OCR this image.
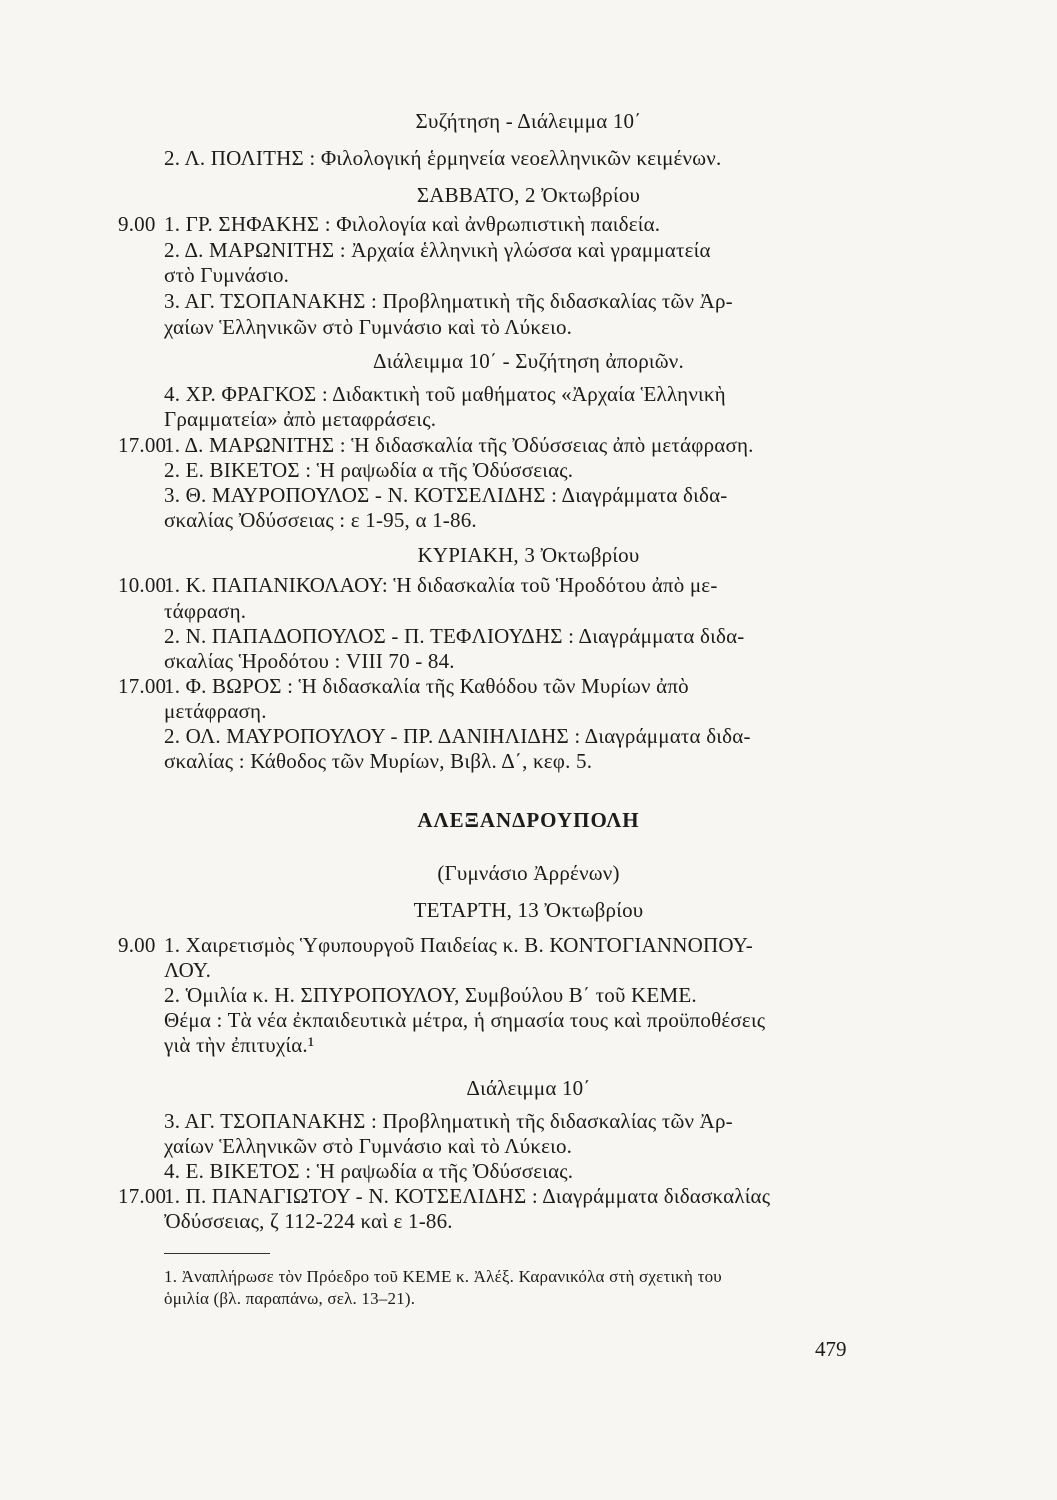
Συζήτηση - Διάλειμμα 10΄
2. Λ. ΠΟΛΙΤΗΣ : Φιλολογική ἑρμηνεία νεοελληνικῶν κειμένων.
ΣΑΒΒΑΤΟ, 2 Ὀκτωβρίου
9.00 1. ΓΡ. ΣΗΦΑΚΗΣ : Φιλολογία καὶ ἀνθρωπιστικὴ παιδεία.
2. Δ. ΜΑΡΩΝΙΤΗΣ : Ἀρχαία ἑλληνικὴ γλώσσα καὶ γραμματεία
στὸ Γυμνάσιο.
3. ΑΓ. ΤΣΟΠΑΝΑΚΗΣ : Προβληματικὴ τῆς διδασκαλίας τῶν Ἀρ-
χαίων Ἑλληνικῶν στὸ Γυμνάσιο καὶ τὸ Λύκειο.
Διάλειμμα 10΄ - Συζήτηση ἀποριῶν.
4. ΧΡ. ΦΡΑΓΚΟΣ : Διδακτικὴ τοῦ μαθήματος «Ἀρχαία Ἑλληνικὴ
Γραμματεία» ἀπὸ μεταφράσεις.
17.00
1. Δ. ΜΑΡΩΝΙΤΗΣ : Ἡ διδασκαλία τῆς Ὀδύσσειας ἀπὸ μετάφραση.
2. Ε. ΒΙΚΕΤΟΣ : Ἡ ραψωδία α τῆς Ὀδύσσειας.
3. Θ. ΜΑΥΡΟΠΟΥΛΟΣ - Ν. ΚΟΤΣΕΛΙΔΗΣ : Διαγράμματα διδα-
σκαλίας Ὀδύσσειας : ε 1-95, α 1-86.
ΚΥΡΙΑΚΗ, 3 Ὀκτωβρίου
10.00
1. Κ. ΠΑΠΑΝΙΚΟΛΑΟΥ: Ἡ διδασκαλία τοῦ Ἡροδότου ἀπὸ με-
τάφραση.
2. Ν. ΠΑΠΑΔΟΠΟΥΛΟΣ - Π. ΤΕΦΛΙΟΥΔΗΣ : Διαγράμματα διδα-
σκαλίας Ἡροδότου : VIII 70 - 84.
17.00
1. Φ. ΒΩΡΟΣ : Ἡ διδασκαλία τῆς Καθόδου τῶν Μυρίων ἀπὸ
μετάφραση.
2. ΟΛ. ΜΑΥΡΟΠΟΥΛΟΥ - ΠΡ. ΔΑΝΙΗΛΙΔΗΣ : Διαγράμματα διδα-
σκαλίας : Κάθοδος τῶν Μυρίων, Βιβλ. Δ΄, κεφ. 5.
ΑΛΕΞΑΝΔΡΟΥΠΟΛΗ
(Γυμνάσιο Ἀρρένων)
ΤΕΤΑΡΤΗ, 13 Ὀκτωβρίου
9.00 1. Χαιρετισμὸς Ὑφυπουργοῦ Παιδείας κ. Β. ΚΟΝΤΟΓΙΑΝΝΟΠΟΥ-
ΛΟΥ.
2. Ὁμιλία κ. Η. ΣΠΥΡΟΠΟΥΛΟΥ, Συμβούλου Β΄ τοῦ ΚΕΜΕ.
Θέμα : Τὰ νέα ἐκπαιδευτικὰ μέτρα, ἡ σημασία τους καὶ προϋποθέσεις
γιὰ τὴν ἐπιτυχία.¹
Διάλειμμα 10΄
3. ΑΓ. ΤΣΟΠΑΝΑΚΗΣ : Προβληματικὴ τῆς διδασκαλίας τῶν Ἀρ-
χαίων Ἑλληνικῶν στὸ Γυμνάσιο καὶ τὸ Λύκειο.
4. Ε. ΒΙΚΕΤΟΣ : Ἡ ραψωδία α τῆς Ὀδύσσειας.
17.00
1. Π. ΠΑΝΑΓΙΩΤΟΥ - Ν. ΚΟΤΣΕΛΙΔΗΣ : Διαγράμματα διδασκαλίας
Ὀδύσσειας, ζ 112-224 καὶ ε 1-86.
1. Ἀναπλήρωσε τὸν Πρόεδρο τοῦ ΚΕΜΕ κ. Ἀλέξ. Καρανικόλα στὴ σχετικὴ του
ὁμιλία (βλ. παραπάνω, σελ. 13–21).
479
